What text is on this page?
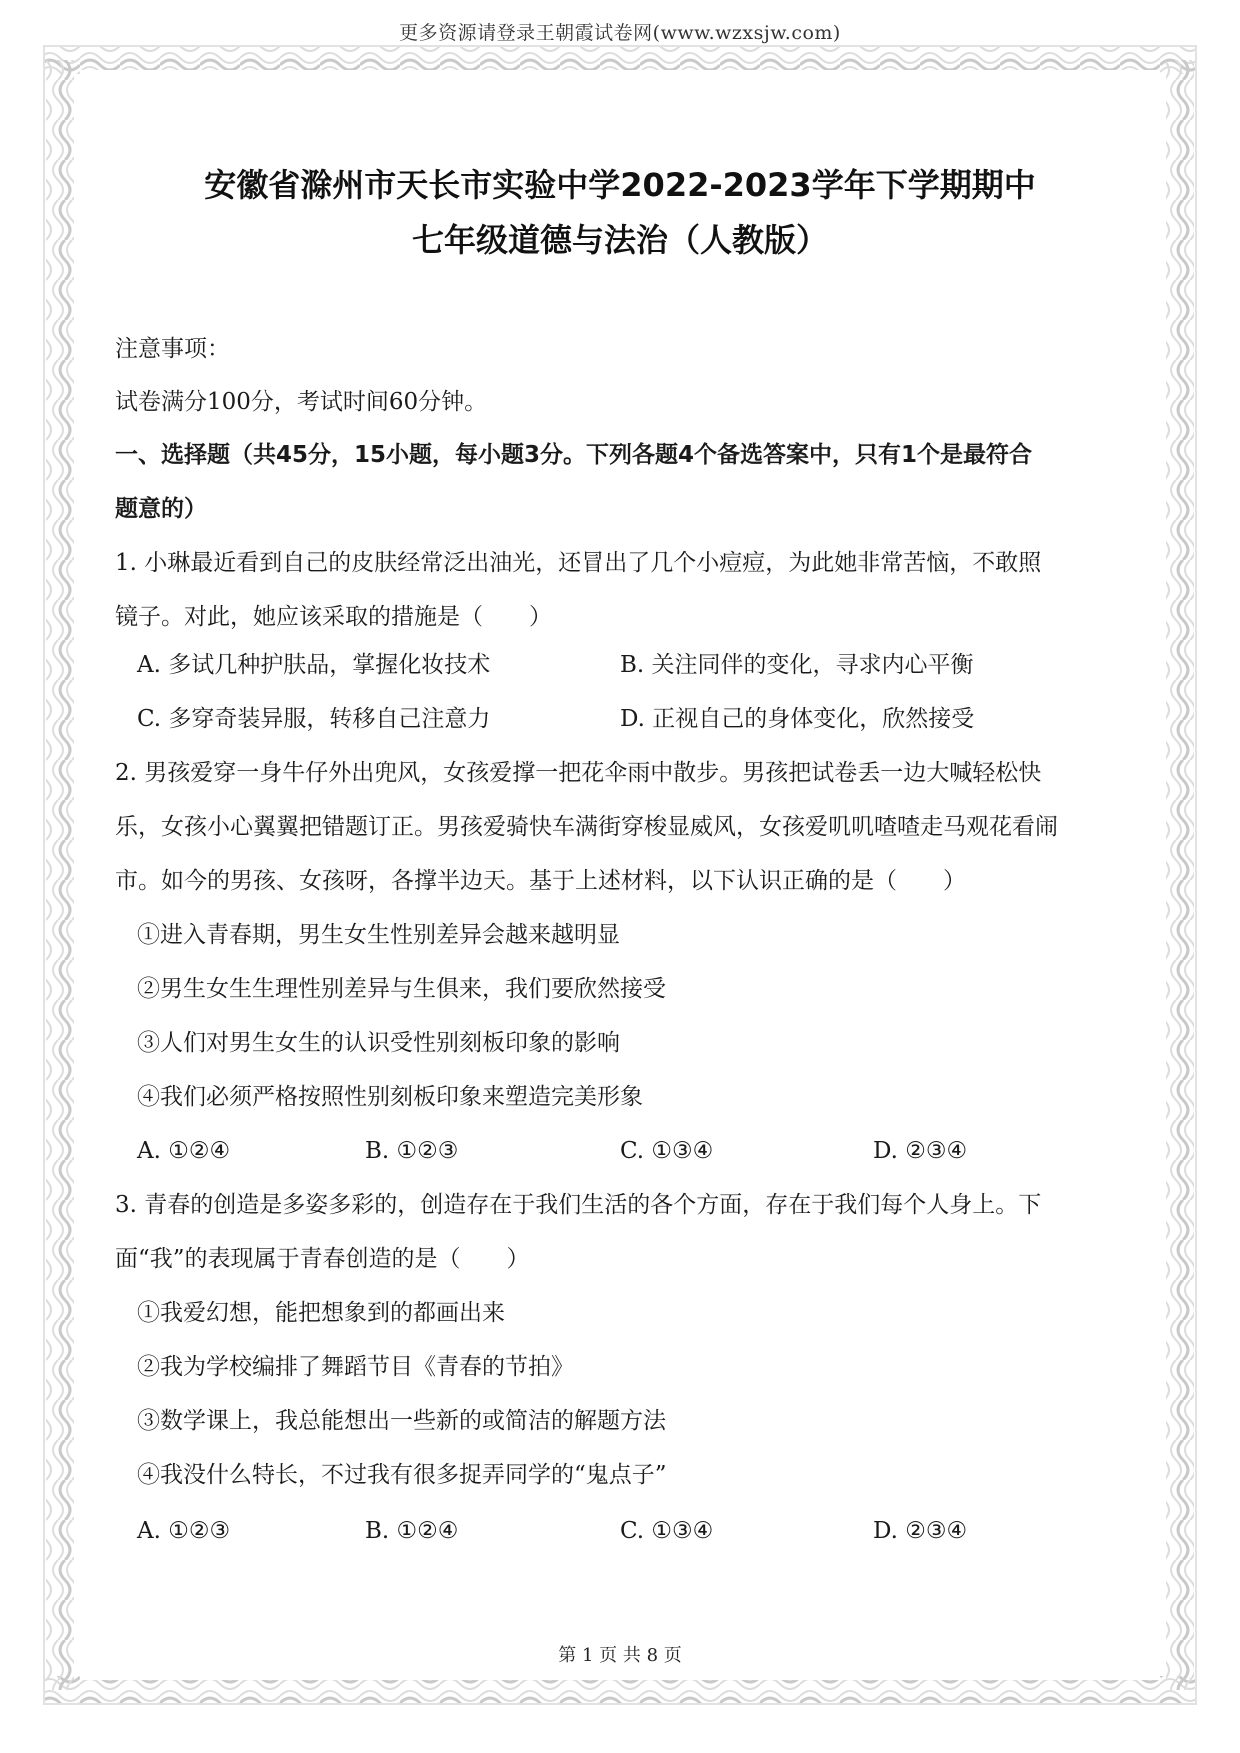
更多资源请登录王朝霞试卷网(www.wzxsjw.com)
安徽省滁州市天长市实验中学2022-2023学年下学期期中
七年级道德与法治（人教版）
注意事项：
试卷满分100分，考试时间60分钟。
一、选择题（共45分，15小题，每小题3分。下列各题4个备选答案中，只有1个是最符合
题意的）
1. 小琳最近看到自己的皮肤经常泛出油光，还冒出了几个小痘痘，为此她非常苦恼，不敢照
镜子。对此，她应该采取的措施是（　　）
A. 多试几种护肤品，掌握化妆技术	B. 关注同伴的变化，寻求内心平衡
C. 多穿奇装异服，转移自己注意力	D. 正视自己的身体变化，欣然接受
2. 男孩爱穿一身牛仔外出兜风，女孩爱撑一把花伞雨中散步。男孩把试卷丢一边大喊轻松快
乐，女孩小心翼翼把错题订正。男孩爱骑快车满街穿梭显威风，女孩爱叽叽喳喳走马观花看闹
市。如今的男孩、女孩呀，各撑半边天。基于上述材料，以下认识正确的是（　　）
①进入青春期，男生女生性别差异会越来越明显
②男生女生生理性别差异与生俱来，我们要欣然接受
③人们对男生女生的认识受性别刻板印象的影响
④我们必须严格按照性别刻板印象来塑造完美形象
A. ①②④	B. ①②③	C. ①③④	D. ②③④
3. 青春的创造是多姿多彩的，创造存在于我们生活的各个方面，存在于我们每个人身上。下
面“我”的表现属于青春创造的是（　　）
①我爱幻想，能把想象到的都画出来
②我为学校编排了舞蹈节目《青春的节拍》
③数学课上，我总能想出一些新的或简洁的解题方法
④我没什么特长，不过我有很多捉弄同学的“鬼点子”
A. ①②③	B. ①②④	C. ①③④	D. ②③④
第 1 页 共 8 页
